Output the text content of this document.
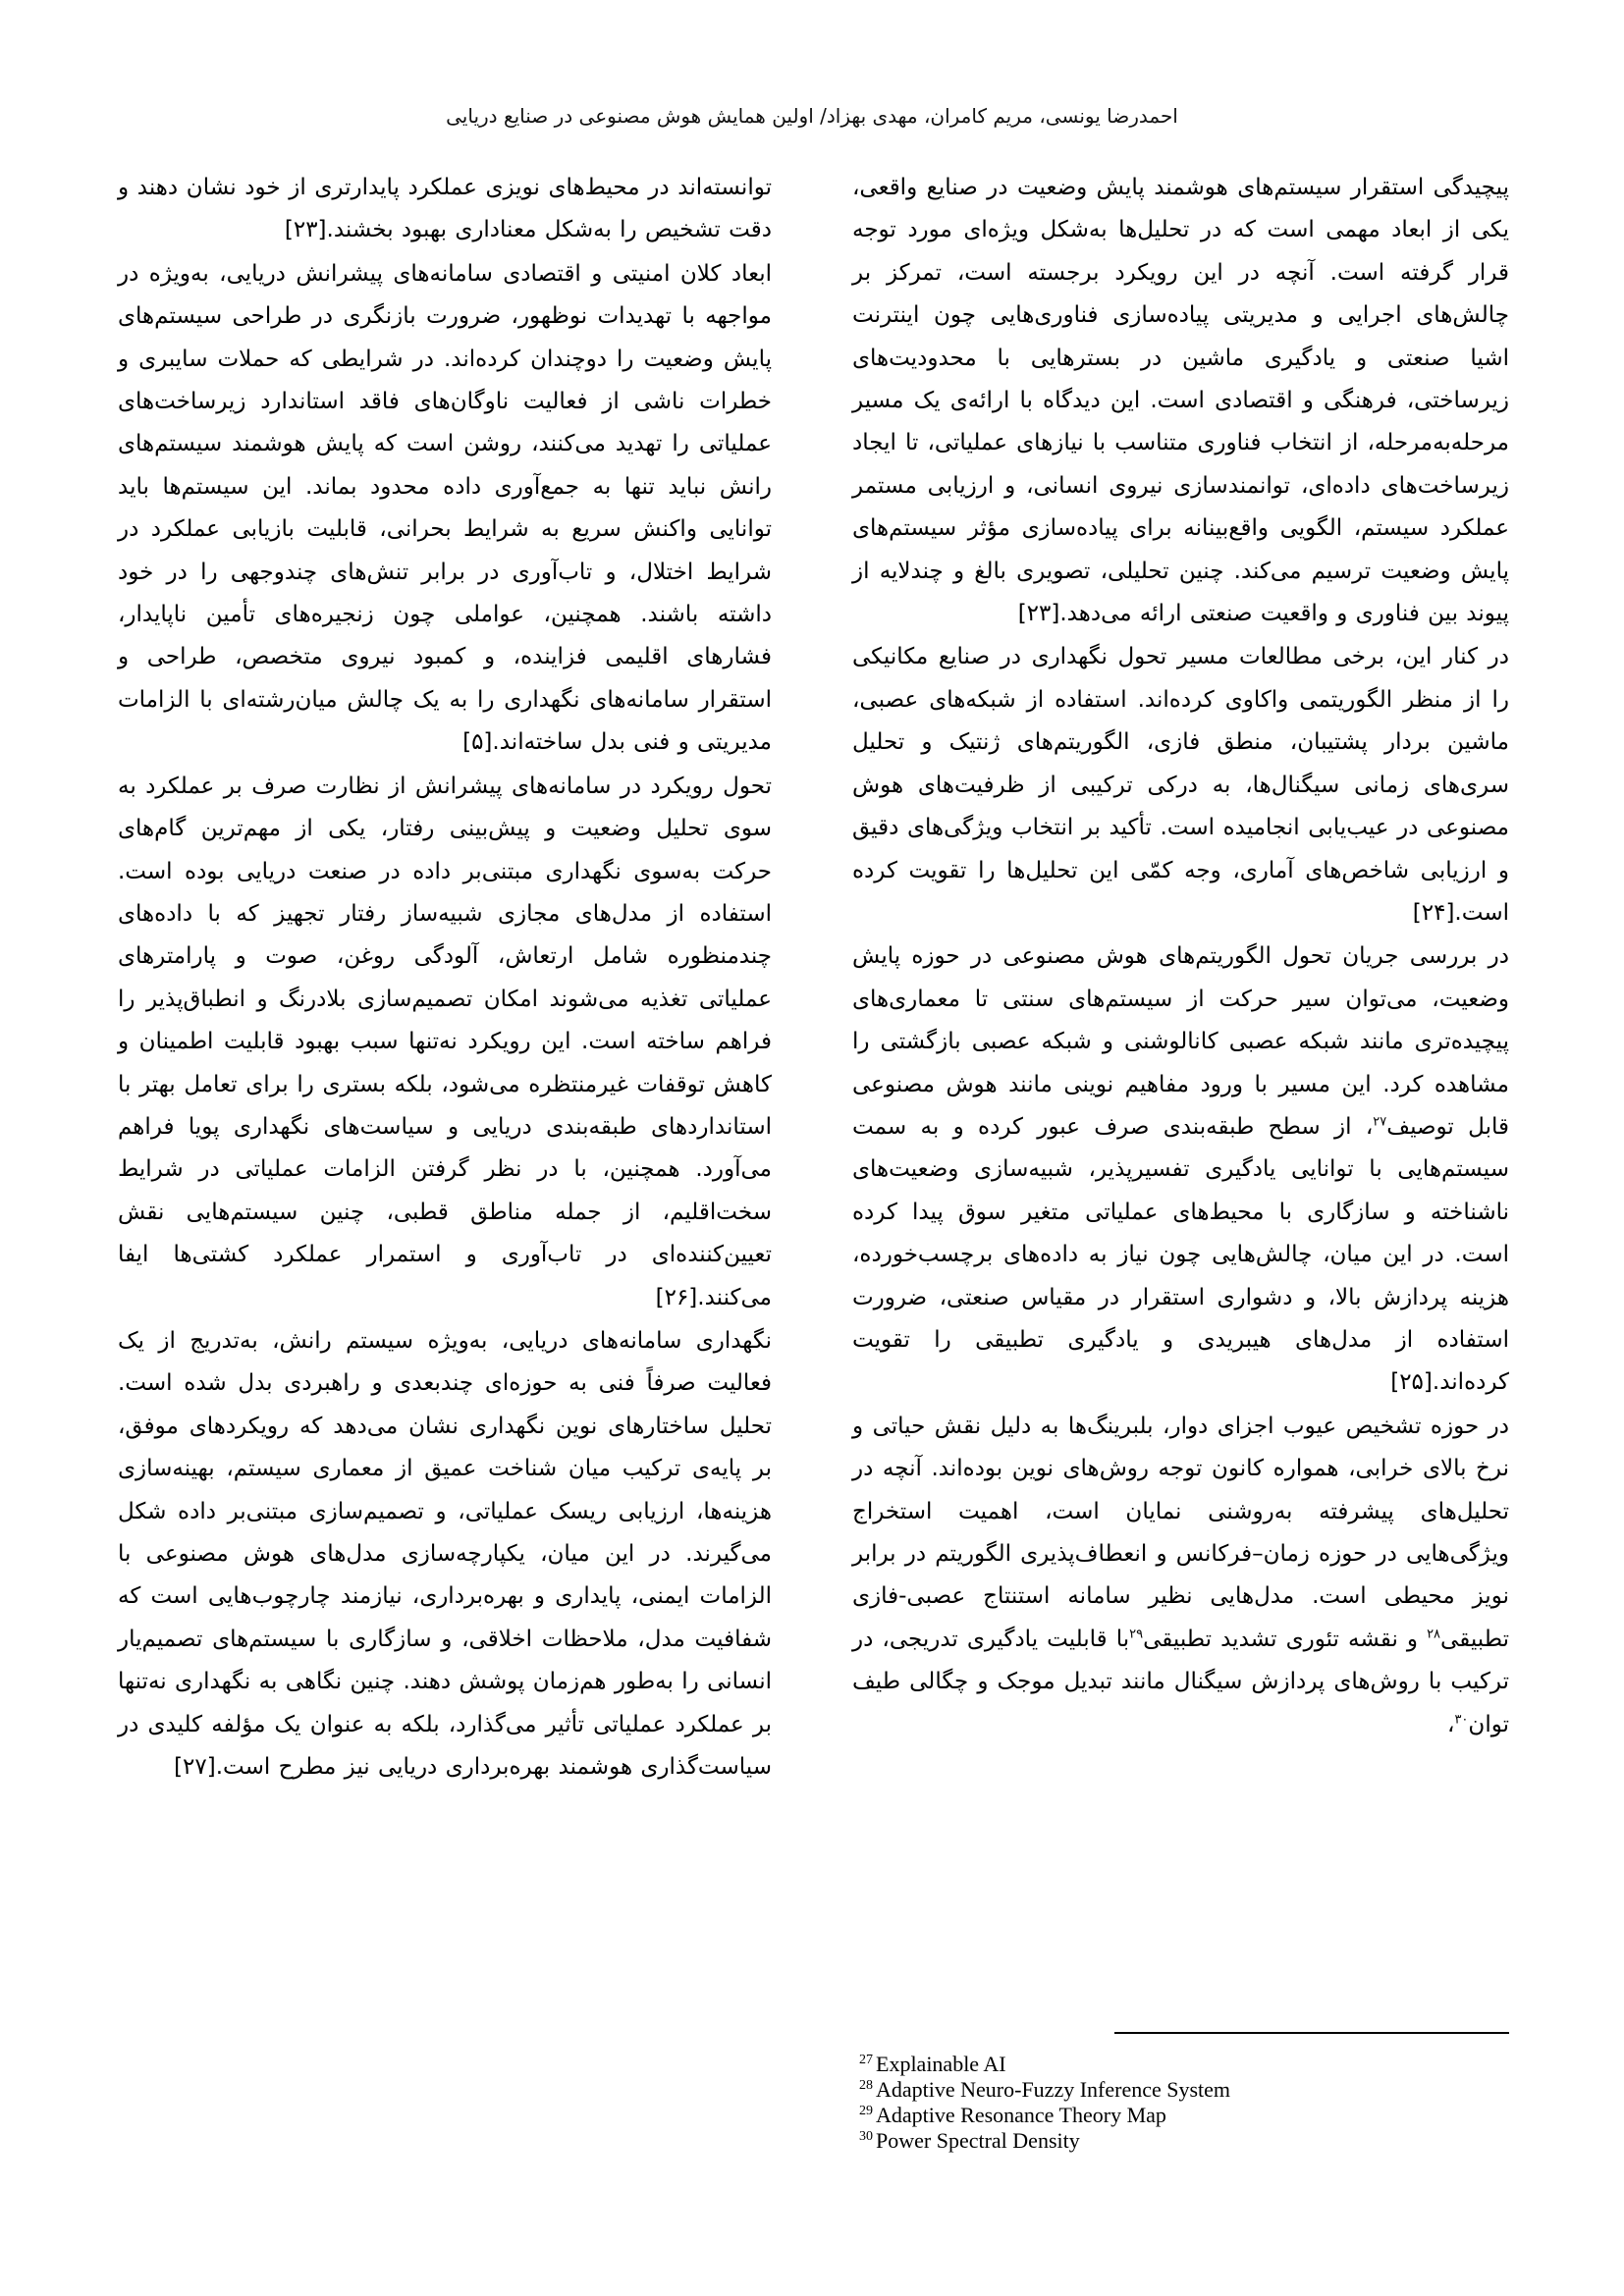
احمدرضا یونسی، مریم کامران، مهدی بهزاد/ اولین همایش هوش مصنوعی در صنایع دریایی

پیچیدگی استقرار سیستم‌های هوشمند پایش وضعیت در صنایع واقعی، یکی از ابعاد مهمی است که در تحلیل‌ها به‌شکل ویژه‌ای مورد توجه قرار گرفته است. آنچه در این رویکرد برجسته است، تمرکز بر چالش‌های اجرایی و مدیریتی پیاده‌سازی فناوری‌هایی چون اینترنت اشیا صنعتی و یادگیری ماشین در بسترهایی با محدودیت‌های زیرساختی، فرهنگی و اقتصادی است. این دیدگاه با ارائه‌ی یک مسیر مرحله‌به‌مرحله، از انتخاب فناوری متناسب با نیازهای عملیاتی، تا ایجاد زیرساخت‌های داده‌ای، توانمندسازی نیروی انسانی، و ارزیابی مستمر عملکرد سیستم، الگویی واقع‌بینانه برای پیاده‌سازی مؤثر سیستم‌های پایش وضعیت ترسیم می‌کند. چنین تحلیلی، تصویری بالغ و چندلایه از پیوند بین فناوری و واقعیت صنعتی ارائه می‌دهد[۲۳].

در کنار این، برخی مطالعات مسیر تحول نگهداری در صنایع مکانیکی را از منظر الگوریتمی واکاوی کرده‌اند. استفاده از شبکه‌های عصبی، ماشین بردار پشتیبان، منطق فازی، الگوریتم‌های ژنتیک و تحلیل سری‌های زمانی سیگنال‌ها، به درکی ترکیبی از ظرفیت‌های هوش مصنوعی در عیب‌یابی انجامیده است. تأکید بر انتخاب ویژگی‌های دقیق و ارزیابی شاخص‌های آماری، وجه کمّی این تحلیل‌ها را تقویت کرده است[۲۴].

در بررسی جریان تحول الگوریتم‌های هوش مصنوعی در حوزه پایش وضعیت، می‌توان سیر حرکت از سیستم‌های سنتی تا معماری‌های پیچیده‌تری مانند شبکه عصبی کانالوشنی و شبکه عصبی بازگشتی را مشاهده کرد. این مسیر با ورود مفاهیم نوینی مانند هوش مصنوعی قابل توصیف$^{۲۷}$، از سطح طبقه‌بندی صرف عبور کرده و به سمت سیستم‌هایی با توانایی یادگیری تفسیرپذیر، شبیه‌سازی وضعیت‌های ناشناخته و سازگاری با محیط‌های عملیاتی متغیر سوق پیدا کرده است. در این میان، چالش‌هایی چون نیاز به داده‌های برچسب‌خورده، هزینه پردازش بالا، و دشواری استقرار در مقیاس صنعتی، ضرورت استفاده از مدل‌های هیبریدی و یادگیری تطبیقی را تقویت کرده‌اند[۲۵].

در حوزه تشخیص عیوب اجزای دوار، بلبرینگ‌ها به دلیل نقش حیاتی و نرخ بالای خرابی، همواره کانون توجه روش‌های نوین بوده‌اند. آنچه در تحلیل‌های پیشرفته به‌روشنی نمایان است، اهمیت استخراج ویژگی‌هایی در حوزه زمان–فرکانس و انعطاف‌پذیری الگوریتم در برابر نویز محیطی است. مدل‌هایی نظیر سامانه استنتاج عصبی-فازی تطبیقی$^{۲۸}$ و نقشه تئوری تشدید تطبیقی$^{۲۹}$با قابلیت یادگیری تدریجی، در ترکیب با روش‌های پردازش سیگنال مانند تبدیل موجک و چگالی طیف توان$^{۳۰}$،

توانسته‌اند در محیط‌های نویزی عملکرد پایدارتری از خود نشان دهند و دقت تشخیص را به‌شکل معناداری بهبود بخشند[۲۳].

ابعاد کلان امنیتی و اقتصادی سامانه‌های پیشرانش دریایی، به‌ویژه در مواجهه با تهدیدات نوظهور، ضرورت بازنگری در طراحی سیستم‌های پایش وضعیت را دوچندان کرده‌اند. در شرایطی که حملات سایبری و خطرات ناشی از فعالیت ناوگان‌های فاقد استاندارد زیرساخت‌های عملیاتی را تهدید می‌کنند، روشن است که پایش هوشمند سیستم‌های رانش نباید تنها به جمع‌آوری داده محدود بماند. این سیستم‌ها باید توانایی واکنش سریع به شرایط بحرانی، قابلیت بازیابی عملکرد در شرایط اختلال، و تاب‌آوری در برابر تنش‌های چندوجهی را در خود داشته باشند. همچنین، عواملی چون زنجیره‌های تأمین ناپایدار، فشارهای اقلیمی فزاینده، و کمبود نیروی متخصص، طراحی و استقرار سامانه‌های نگهداری را به یک چالش میان‌رشته‌ای با الزامات مدیریتی و فنی بدل ساخته‌اند[۵].

تحول رویکرد در سامانه‌های پیشرانش از نظارت صرف بر عملکرد به سوی تحلیل وضعیت و پیش‌بینی رفتار، یکی از مهم‌ترین گام‌های حرکت به‌سوی نگهداری مبتنی‌بر داده در صنعت دریایی بوده است. استفاده از مدل‌های مجازی شبیه‌ساز رفتار تجهیز که با داده‌های چندمنظوره شامل ارتعاش، آلودگی روغن، صوت و پارامترهای عملیاتی تغذیه می‌شوند امکان تصمیم‌سازی بلادرنگ و انطباق‌پذیر را فراهم ساخته است. این رویکرد نه‌تنها سبب بهبود قابلیت اطمینان و کاهش توقفات غیرمنتظره می‌شود، بلکه بستری را برای تعامل بهتر با استانداردهای طبقه‌بندی دریایی و سیاست‌های نگهداری پویا فراهم می‌آورد. همچنین، با در نظر گرفتن الزامات عملیاتی در شرایط سخت‌اقلیم، از جمله مناطق قطبی، چنین سیستم‌هایی نقش تعیین‌کننده‌ای در تاب‌آوری و استمرار عملکرد کشتی‌ها ایفا می‌کنند[۲۶].

نگهداری سامانه‌های دریایی، به‌ویژه سیستم رانش، به‌تدریج از یک فعالیت صرفاً فنی به حوزه‌ای چندبعدی و راهبردی بدل شده است. تحلیل ساختارهای نوین نگهداری نشان می‌دهد که رویکردهای موفق، بر پایه‌ی ترکیب میان شناخت عمیق از معماری سیستم، بهینه‌سازی هزینه‌ها، ارزیابی ریسک عملیاتی، و تصمیم‌سازی مبتنی‌بر داده شکل می‌گیرند. در این میان، یکپارچه‌سازی مدل‌های هوش مصنوعی با الزامات ایمنی، پایداری و بهره‌برداری، نیازمند چارچوب‌هایی است که شفافیت مدل، ملاحظات اخلاقی، و سازگاری با سیستم‌های تصمیم‌یار انسانی را به‌طور هم‌زمان پوشش دهند. چنین نگاهی به نگهداری نه‌تنها بر عملکرد عملیاتی تأثیر می‌گذارد، بلکه به عنوان یک مؤلفه کلیدی در سیاست‌گذاری هوشمند بهره‌برداری دریایی نیز مطرح است[۲۷].

$^{27}$ Explainable AI
$^{28}$ Adaptive Neuro-Fuzzy Inference System
$^{29}$ Adaptive Resonance Theory Map
$^{30}$ Power Spectral Density
